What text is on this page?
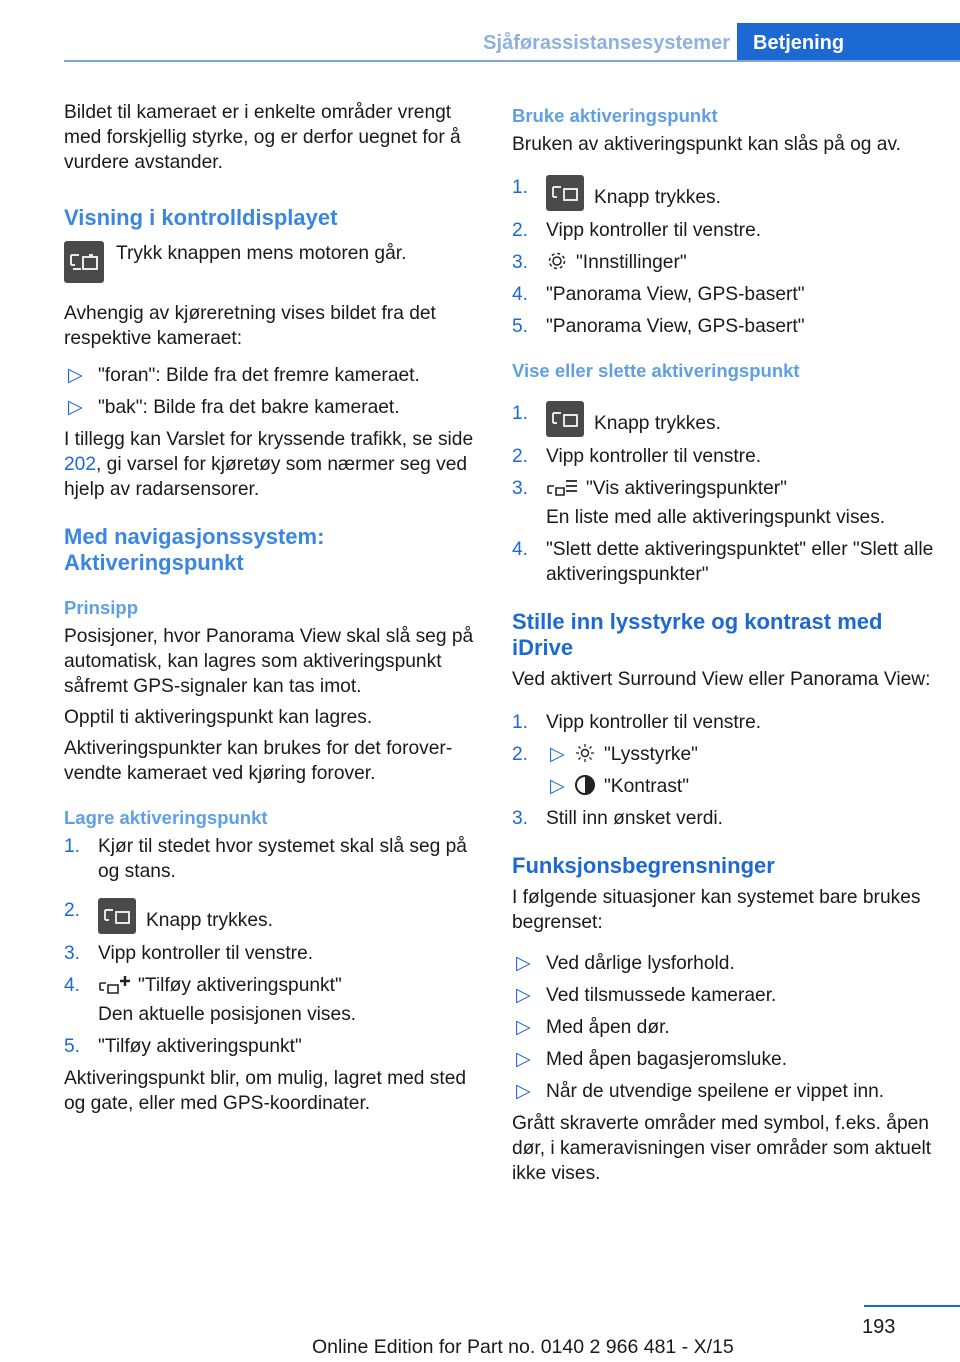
Sjåførassistansesystemer	Betjening

Bildet til kameraet er i enkelte områder vrengt med forskjellig styrke, og er derfor uegnet for å vurdere avstander.

Visning i kontrolldisplayet
Trykk knappen mens motoren går.

Avhengig av kjøreretning vises bildet fra det respektive kameraet:

▷ "foran": Bilde fra det fremre kameraet.
▷ "bak": Bilde fra det bakre kameraet.

I tillegg kan Varslet for kryssende trafikk, se side 202, gi varsel for kjøretøy som nærmer seg ved hjelp av radarsensorer.

Med navigasjonssystem: Aktiveringspunkt
Prinsipp

Posisjoner, hvor Panorama View skal slå seg på automatisk, kan lagres som aktiveringspunkt såfremt GPS-signaler kan tas imot.

Opptil ti aktiveringspunkt kan lagres.

Aktiveringspunkter kan brukes for det forovervendte kameraet ved kjøring forover.

Lagre aktiveringspunkt
1. Kjør til stedet hvor systemet skal slå seg på og stans.
2.	Knapp trykkes.
3. Vipp kontroller til venstre.
4.	"Tilføy aktiveringspunkt"
Den aktuelle posisjonen vises.
5. "Tilføy aktiveringspunkt"

Aktiveringspunkt blir, om mulig, lagret med sted og gate, eller med GPS-koordinater.

Bruke aktiveringspunkt

Bruken av aktiveringspunkt kan slås på og av.

1.	Knapp trykkes.
2. Vipp kontroller til venstre.
3.	"Innstillinger"
4. "Panorama View, GPS-basert"
5. "Panorama View, GPS-basert"
Vise eller slette aktiveringspunkt
1.	Knapp trykkes.
2. Vipp kontroller til venstre.
3.	"Vis aktiveringspunkter"
En liste med alle aktiveringspunkt vises.
4. "Slett dette aktiveringspunktet" eller "Slett alle aktiveringspunkter"
Stille inn lysstyrke og kontrast med iDrive

Ved aktivert Surround View eller Panorama View:

1. Vipp kontroller til venstre.
2.	▷ "Lysstyrke"
▷ "Kontrast"
3. Still inn ønsket verdi.
Funksjonsbegrensninger

I følgende situasjoner kan systemet bare brukes begrenset:

▷ Ved dårlige lysforhold.
▷ Ved tilsmussede kameraer.
▷ Med åpen dør.
▷ Med åpen bagasjeromsluke.
▷ Når de utvendige speilene er vippet inn.

Grått skraverte områder med symbol, f.eks. åpen dør, i kameravisningen viser områder som aktuelt ikke vises.

193
Online Edition for Part no. 0140 2 966 481 - X/15
